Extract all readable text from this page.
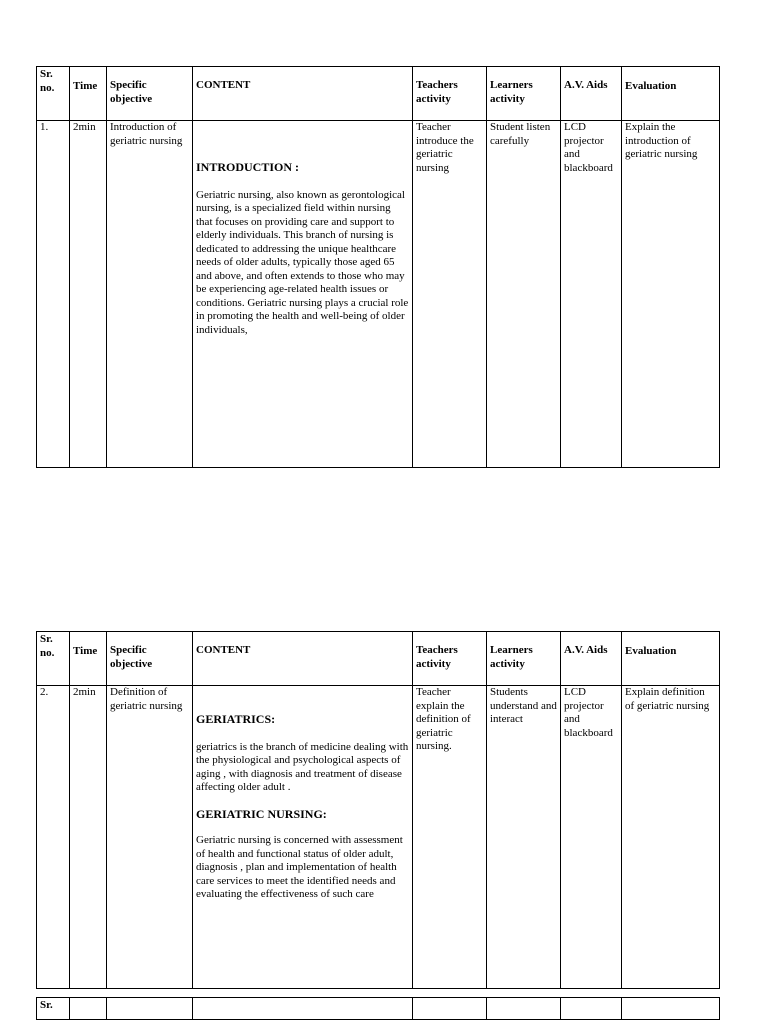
Sr. no.	Time	Specific objective	CONTENT	Teachers activity	Learners activity	A.V. Aids	Evaluation
1.	2min	Introduction of geriatric nursing	INTRODUCTION :

Geriatric nursing, also known as gerontological nursing, is a specialized field within nursing that focuses on providing care and support to elderly individuals. This branch of nursing is dedicated to addressing the unique healthcare needs of older adults, typically those aged 65 and above, and often extends to those who may be experiencing age-related health issues or conditions. Geriatric nursing plays a crucial role in promoting the health and well-being of older individuals,	Teacher introduce the geriatric nursing	Student listen carefully	LCD projector and blackboard	Explain the introduction of geriatric nursing
Sr. no.	Time	Specific objective	CONTENT	Teachers activity	Learners activity	A.V. Aids	Evaluation
2.	2min	Definition of geriatric nursing	GERIATRICS:

geriatrics is the branch of medicine dealing with the physiological and psychological aspects of aging , with diagnosis and treatment of disease affecting older adult .

GERIATRIC NURSING:

Geriatric nursing is concerned with assessment of health and functional status of older adult, diagnosis , plan and implementation of health care services to meet the identified needs and evaluating the effectiveness of such care	Teacher explain the definition of geriatric nursing.	Students understand and interact	LCD projector and blackboard	Explain definition of geriatric nursing
Sr.							
